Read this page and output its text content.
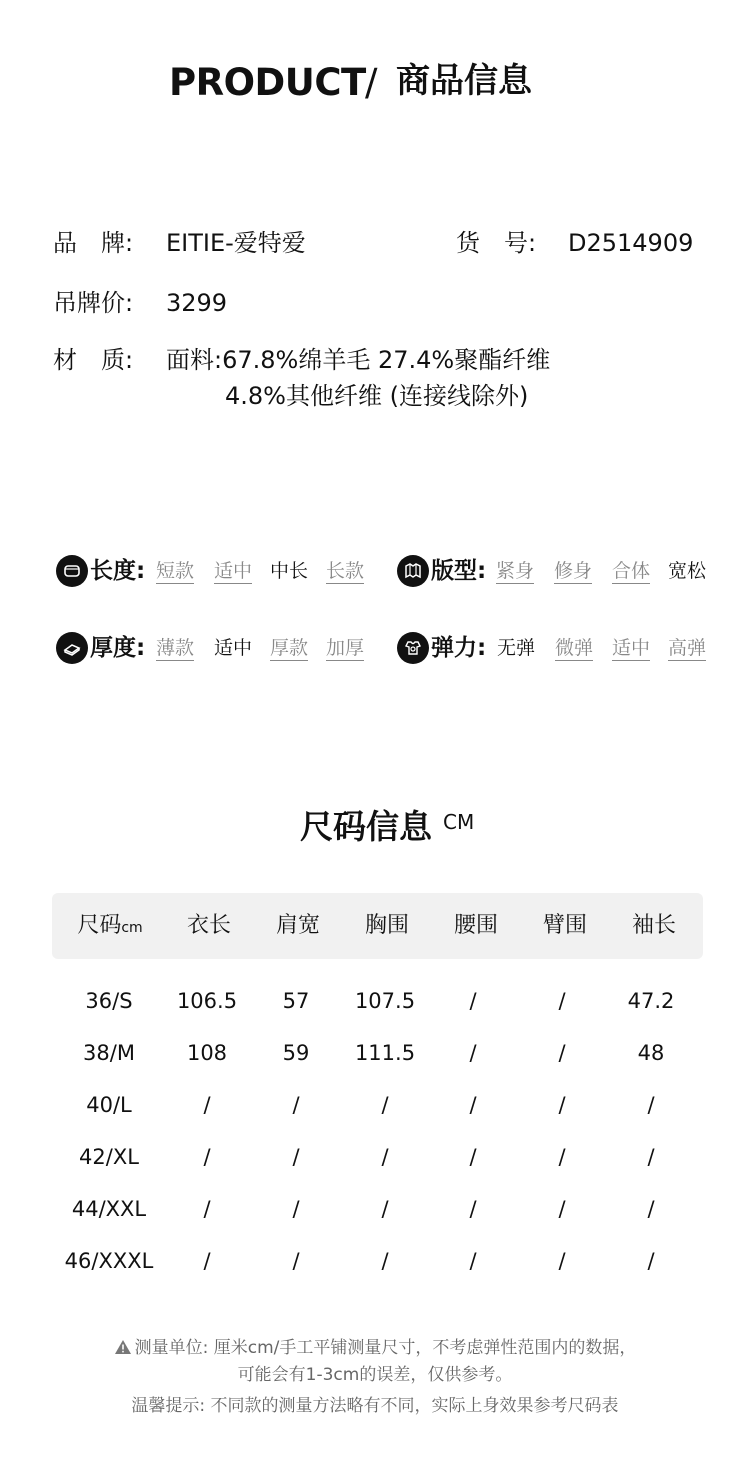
PRODUCT / 商品信息
品　牌: EITIE-爱特爱	货　号: D2514909
吊牌价: 3299
材　质: 面料:67.8%绵羊毛 27.4%聚酯纤维
4.8%其他纤维 (连接线除外)
长度: 短款 适中 中长 长款	版型: 紧身 修身 合体 宽松
厚度: 薄款 适中 厚款 加厚	弹力: 无弹 微弹 适中 高弹
尺码信息 CM
尺码cm	衣长	肩宽	胸围	腰围	臂围	袖长
36/S	106.5	57	107.5	/	/	47.2
38/M	108	59	111.5	/	/	48
40/L	/	/	/	/	/	/
42/XL	/	/	/	/	/	/
44/XXL	/	/	/	/	/	/
46/XXXL	/	/	/	/	/	/
测量单位: 厘米cm/手工平铺测量尺寸，不考虑弹性范围内的数据，
可能会有1-3cm的误差，仅供参考。
温馨提示: 不同款的测量方法略有不同，实际上身效果参考尺码表
